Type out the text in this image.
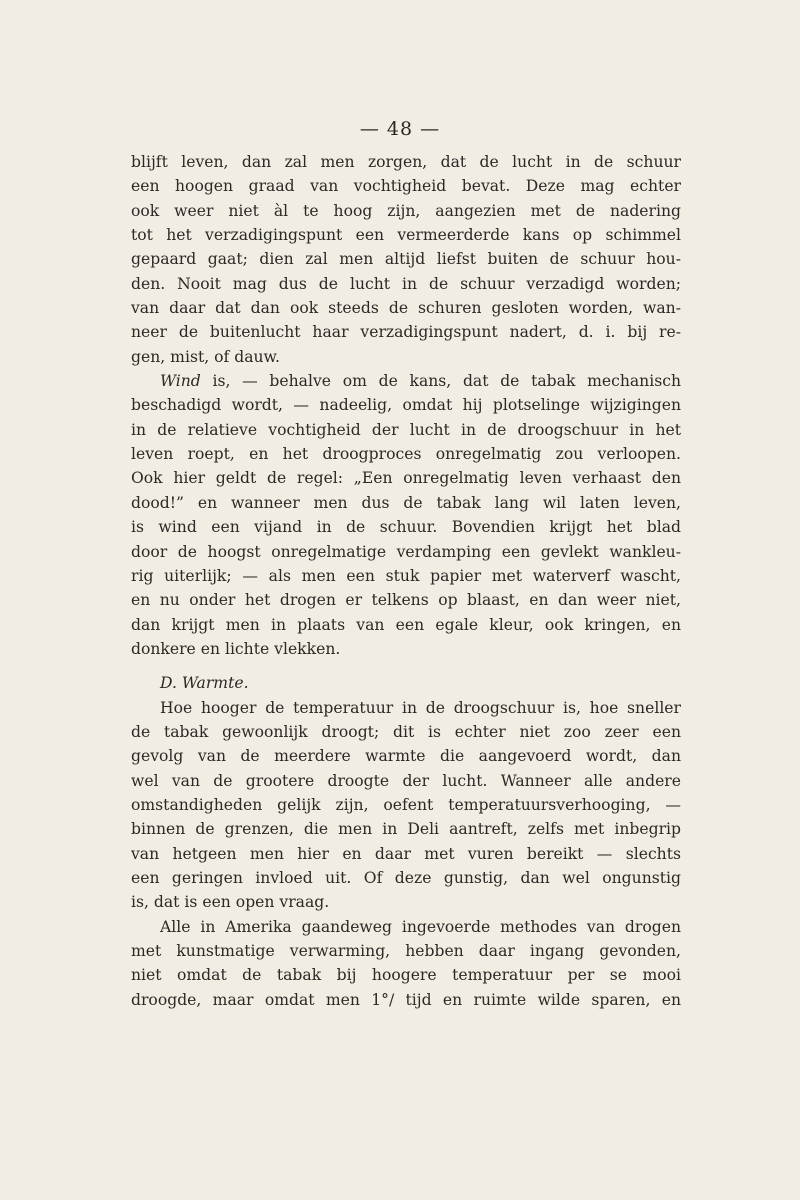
— 48 —
blijft leven, dan zal men zorgen, dat de lucht in de schuur
een hoogen graad van vochtigheid bevat. Deze mag echter
ook weer niet àl te hoog zijn, aangezien met de nadering
tot het verzadigingspunt een vermeerderde kans op schimmel
gepaard gaat; dien zal men altijd liefst buiten de schuur hou-
den. Nooit mag dus de lucht in de schuur verzadigd worden;
van daar dat dan ook steeds de schuren gesloten worden, wan-
neer de buitenlucht haar verzadigingspunt nadert, d. i. bij re-
gen, mist, of dauw.
Wind is, — behalve om de kans, dat de tabak mechanisch
beschadigd wordt, — nadeelig, omdat hij plotselinge wijzigingen
in de relatieve vochtigheid der lucht in de droogschuur in het
leven roept, en het droogproces onregelmatig zou verloopen.
Ook hier geldt de regel: „Een onregelmatig leven verhaast den
dood!” en wanneer men dus de tabak lang wil laten leven,
is wind een vijand in de schuur. Bovendien krijgt het blad
door de hoogst onregelmatige verdamping een gevlekt wankleu-
rig uiterlijk; — als men een stuk papier met waterverf wascht,
en nu onder het drogen er telkens op blaast, en dan weer niet,
dan krijgt men in plaats van een egale kleur, ook kringen, en
donkere en lichte vlekken.
D. Warmte.
Hoe hooger de temperatuur in de droogschuur is, hoe sneller
de tabak gewoonlijk droogt; dit is echter niet zoo zeer een
gevolg van de meerdere warmte die aangevoerd wordt, dan
wel van de grootere droogte der lucht. Wanneer alle andere
omstandigheden gelijk zijn, oefent temperatuursverhooging, —
binnen de grenzen, die men in Deli aantreft, zelfs met inbegrip
van hetgeen men hier en daar met vuren bereikt — slechts
een geringen invloed uit. Of deze gunstig, dan wel ongunstig
is, dat is een open vraag.
Alle in Amerika gaandeweg ingevoerde methodes van drogen
met kunstmatige verwarming, hebben daar ingang gevonden,
niet omdat de tabak bij hoogere temperatuur per se mooi
droogde, maar omdat men 1°/ tijd en ruimte wilde sparen, en
